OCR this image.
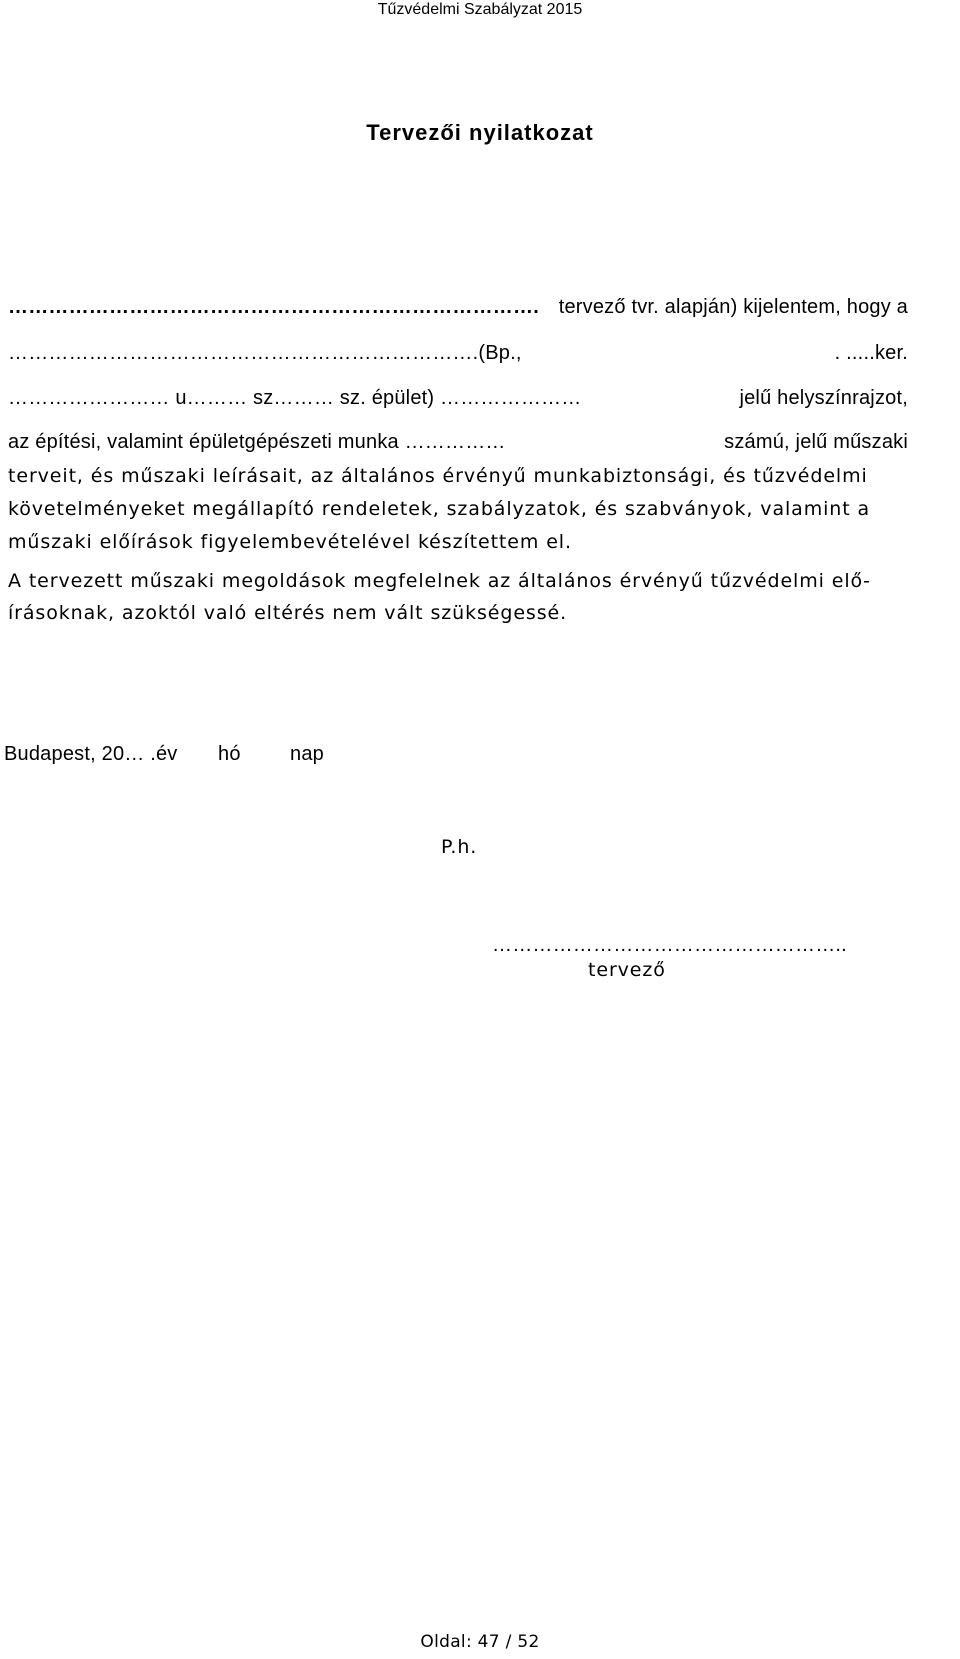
Tűzvédelmi Szabályzat 2015
Tervezői nyilatkozat
……………………………………………………………………. tervező tvr. alapján) kijelentem, hogy a
…………………………………………………………….(Bp.,	. .....ker.
…………………… u……… sz……… sz. épület) …………………	jelű helyszínrajzot,
az építési, valamint épületgépészeti munka ……………	számú, jelű műszaki
terveit, és műszaki leírásait, az általános érvényű munkabiztonsági, és tűzvédelmi
követelményeket megállapító rendeletek, szabályzatok, és szabványok, valamint a
műszaki előírások figyelembevételével készítettem el.
A tervezett műszaki megoldások megfelelnek az általános érvényű tűzvédelmi elő-
írásoknak, azoktól való eltérés nem vált szükségessé.
Budapest, 20… .év hó nap
P.h.
……………………………………………..
tervező
Oldal: 47 / 52
